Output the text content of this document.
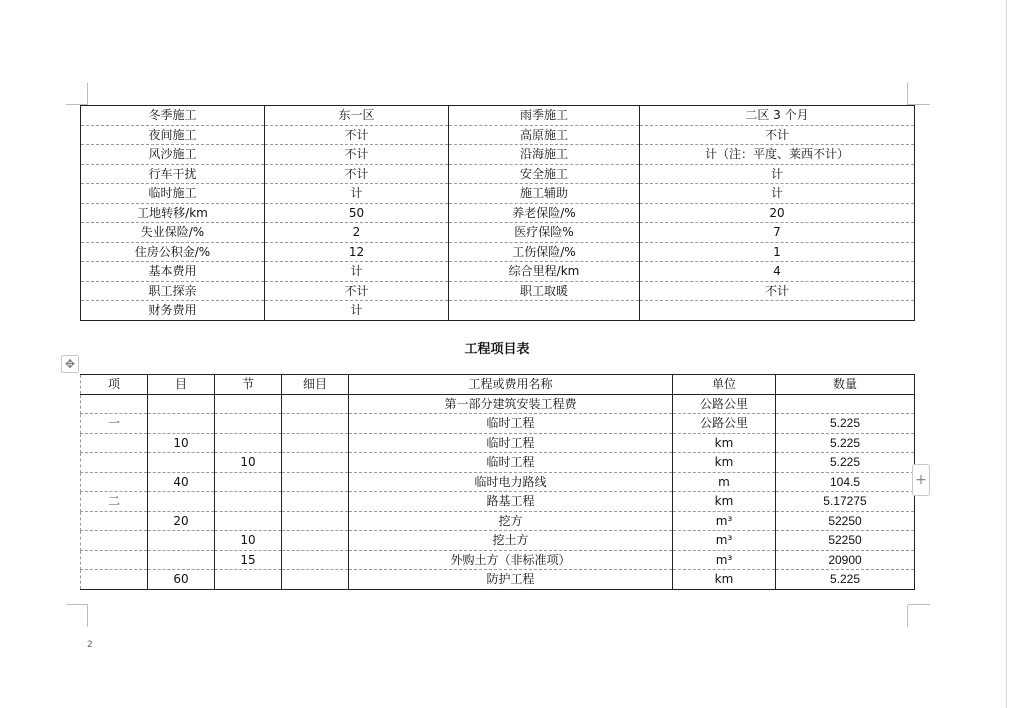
冬季施工	东一区	雨季施工	二区 3 个月
夜间施工	不计	高原施工	不计
风沙施工	不计	沿海施工	计（注：平度、莱西不计）
行车干扰	不计	安全施工	计
临时施工	计	施工辅助	计
工地转移/km	50	养老保险/%	20
失业保险/%	2	医疗保险%	7
住房公积金/%	12	工伤保险/%	1
基本费用	计	综合里程/km	4
职工探亲	不计	职工取暖	不计
财务费用	计		
工程项目表
✥
项	目	节	细目	工程或费用名称	单位	数量
				第一部分建筑安装工程费	公路公里	
一				临时工程	公路公里	5.225
	10			临时工程	km	5.225
		10		临时工程	km	5.225
	40			临时电力路线	m	104.5
二				路基工程	km	5.17275
	20			挖方	m³	52250
		10		挖土方	m³	52250
		15		外购土方（非标准项）	m³	20900
	60			防护工程	km	5.225
+
2
